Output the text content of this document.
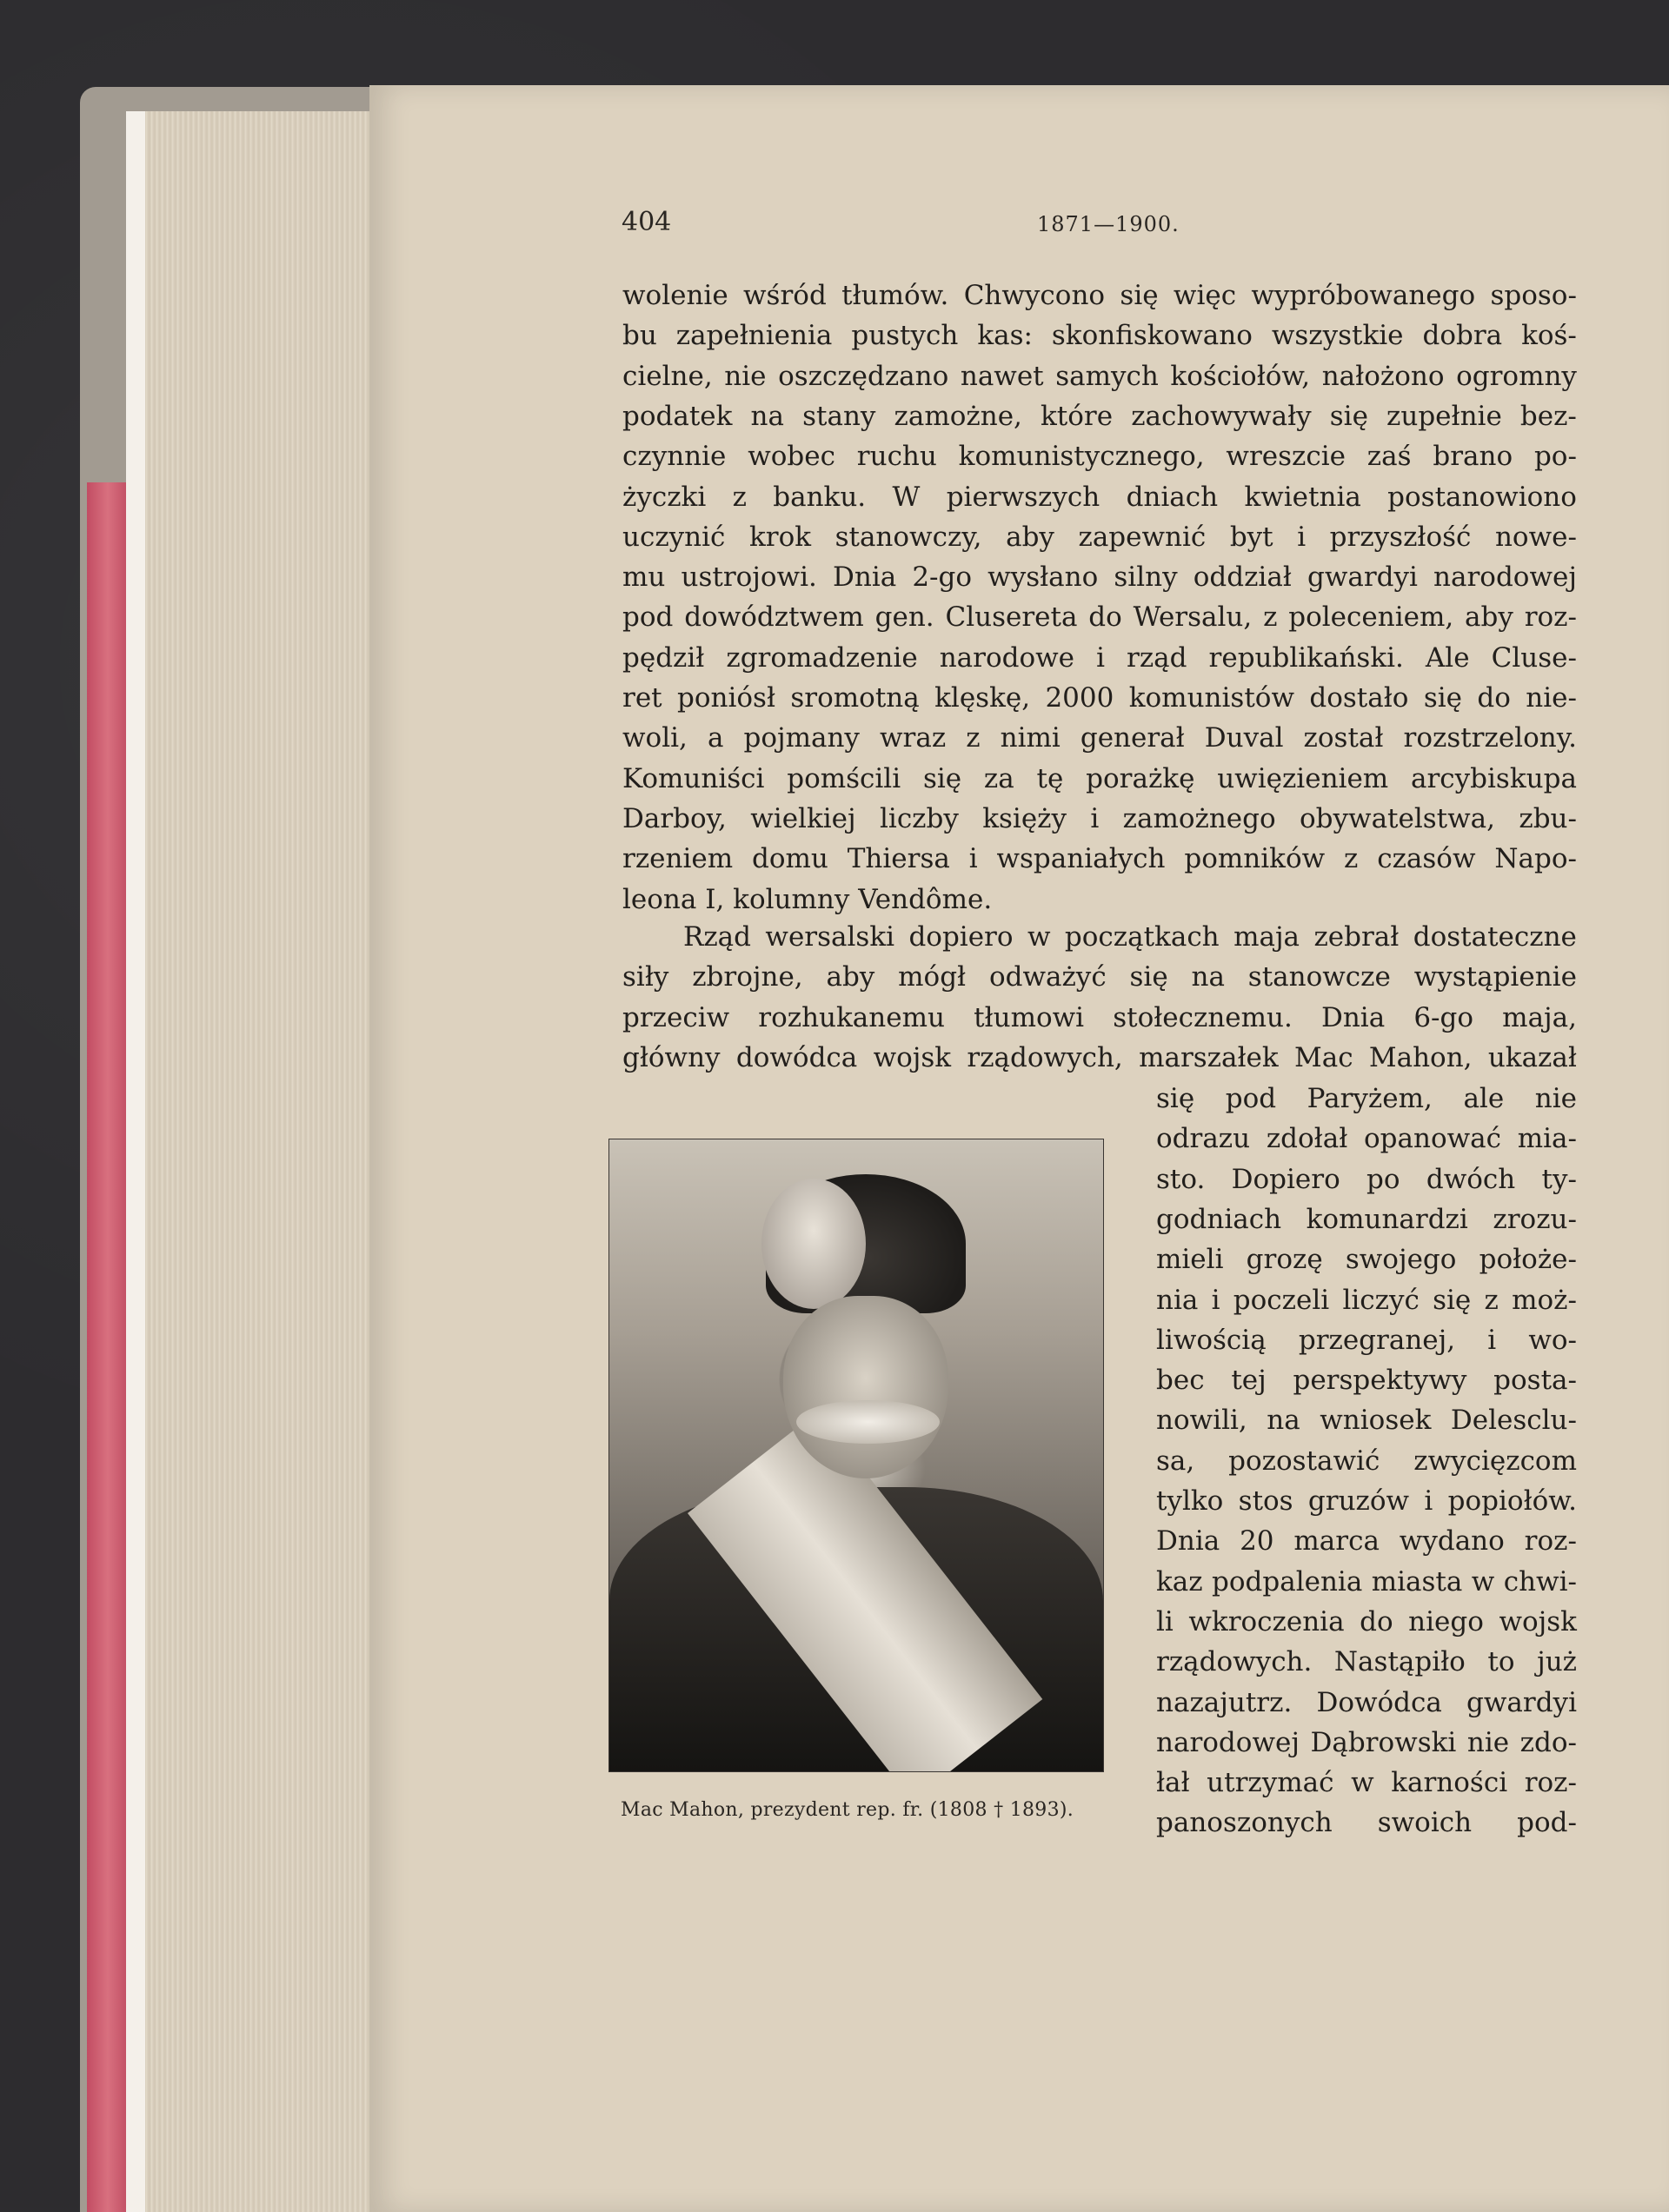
404	1871—1900.
wolenie wśród tłumów. Chwycono się więc wypróbowanego sposo-
bu zapełnienia pustych kas: skonfiskowano wszystkie dobra koś-
cielne, nie oszczędzano nawet samych kościołów, nałożono ogromny
podatek na stany zamożne, które zachowywały się zupełnie bez-
czynnie wobec ruchu komunistycznego, wreszcie zaś brano po-
życzki z banku. W pierwszych dniach kwietnia postanowiono
uczynić krok stanowczy, aby zapewnić byt i przyszłość nowe-
mu ustrojowi. Dnia 2-go wysłano silny oddział gwardyi narodowej
pod dowództwem gen. Clusereta do Wersalu, z poleceniem, aby roz-
pędził zgromadzenie narodowe i rząd republikański. Ale Cluse-
ret poniósł sromotną klęskę, 2000 komunistów dostało się do nie-
woli, a pojmany wraz z nimi generał Duval został rozstrzelony.
Komuniści pomścili się za tę porażkę uwięzieniem arcybiskupa
Darboy, wielkiej liczby księży i zamożnego obywatelstwa, zbu-
rzeniem domu Thiersa i wspaniałych pomników z czasów Napo-
leona I, kolumny Vendôme.
Rząd wersalski dopiero w początkach maja zebrał dostateczne
siły zbrojne, aby mógł odważyć się na stanowcze wystąpienie
przeciw rozhukanemu tłumowi stołecznemu. Dnia 6-go maja,
główny dowódca wojsk rządowych, marszałek Mac Mahon, ukazał
się pod Paryżem, ale nie
odrazu zdołał opanować mia-
sto. Dopiero po dwóch ty-
godniach komunardzi zrozu-
mieli grozę swojego położe-
nia i poczeli liczyć się z moż-
liwością przegranej, i wo-
bec tej perspektywy posta-
nowili, na wniosek Delesclu-
sa, pozostawić zwycięzcom
tylko stos gruzów i popiołów.
Dnia 20 marca wydano roz-
kaz podpalenia miasta w chwi-
li wkroczenia do niego wojsk
rządowych. Nastąpiło to już
nazajutrz. Dowódca gwardyi
narodowej Dąbrowski nie zdo-
łał utrzymać w karności roz-
panoszonych swoich pod-
Mac Mahon, prezydent rep. fr. (1808 † 1893).
